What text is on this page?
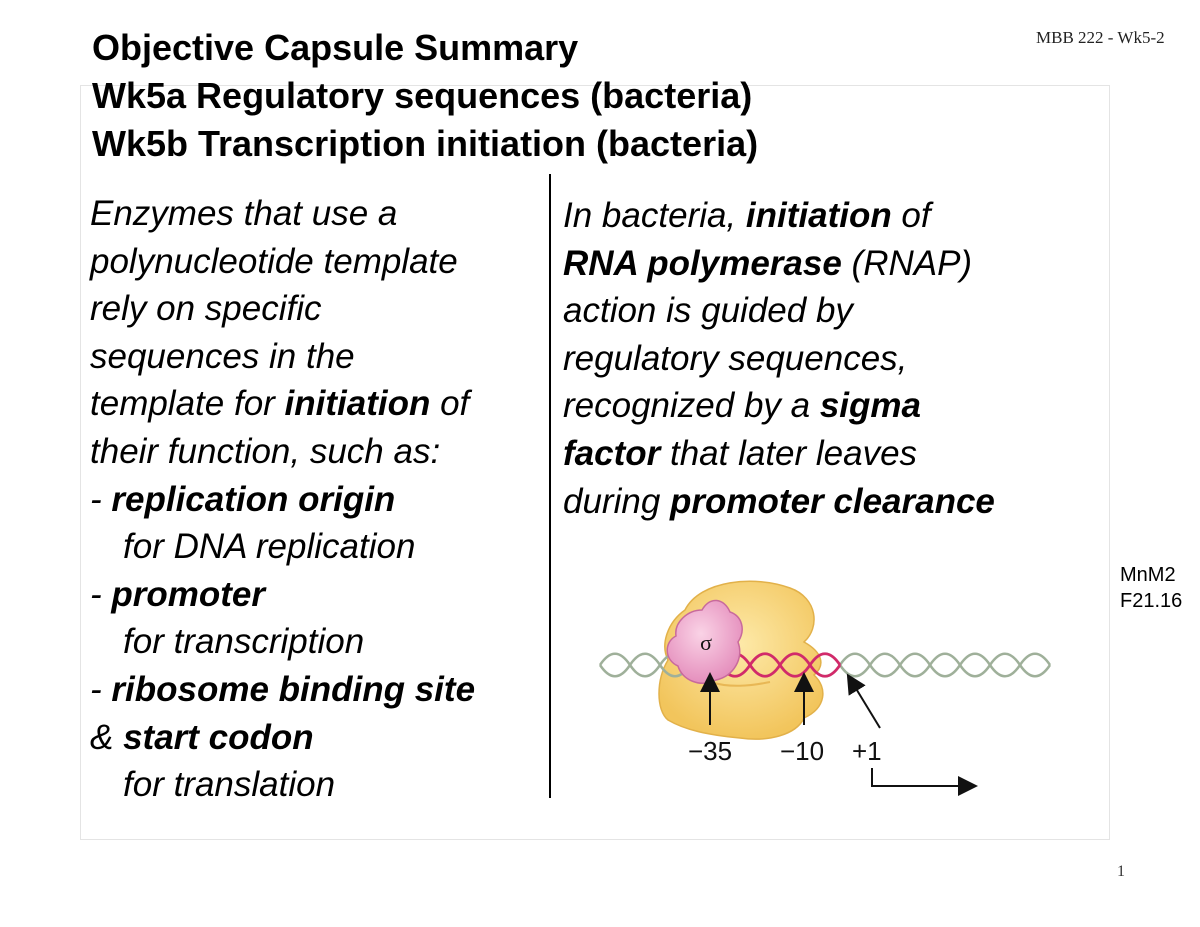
MBB 222 - Wk5-2
Objective Capsule Summary
Wk5a Regulatory sequences (bacteria)
Wk5b Transcription initiation (bacteria)
Enzymes that use a
polynucleotide template
rely on specific
sequences in the
template for initiation of
their function, such as:
- replication origin
for DNA replication
- promoter
for transcription
- ribosome binding site
& start codon
for translation
In bacteria, initiation of
RNA polymerase (RNAP)
action is guided by
regulatory sequences,
recognized by a sigma
factor that later leaves
during promoter clearance
σ
−35 −10 +1
MnM2
F21.16
1
